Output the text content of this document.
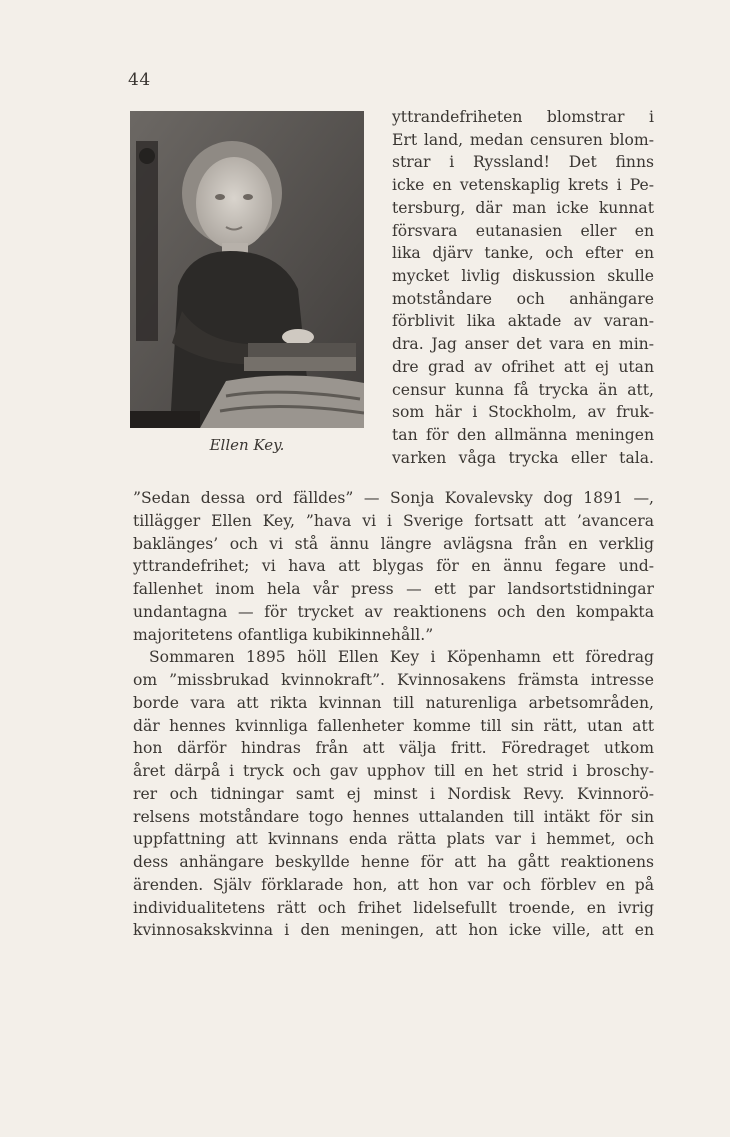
44
Ellen Key.
yttrandefriheten blomstrar i
Ert land, medan censuren blom-
strar i Ryssland! Det finns
icke en vetenskaplig krets i Pe-
tersburg, där man icke kunnat
försvara eutanasien eller en
lika djärv tanke, och efter en
mycket livlig diskussion skulle
motståndare och anhängare
förblivit lika aktade av varan-
dra. Jag anser det vara en min-
dre grad av ofrihet att ej utan
censur kunna få trycka än att,
som här i Stockholm, av fruk-
tan för den allmänna meningen
varken våga trycka eller tala.
”Sedan dessa ord fälldes” — Sonja Kovalevsky dog 1891 —,
tillägger Ellen Key, ”hava vi i Sverige fortsatt att ’avancera
baklänges’ och vi stå ännu längre avlägsna från en verklig
yttrandefrihet; vi hava att blygas för en ännu fegare und-
fallenhet inom hela vår press — ett par landsortstidningar
undantagna — för trycket av reaktionens och den kompakta
majoritetens ofantliga kubikinnehåll.”
Sommaren 1895 höll Ellen Key i Köpenhamn ett föredrag
om ”missbrukad kvinnokraft”. Kvinnosakens främsta intresse
borde vara att rikta kvinnan till naturenliga arbetsområden,
där hennes kvinnliga fallenheter komme till sin rätt, utan att
hon därför hindras från att välja fritt. Föredraget utkom
året därpå i tryck och gav upphov till en het strid i broschy-
rer och tidningar samt ej minst i Nordisk Revy. Kvinnorö-
relsens motståndare togo hennes uttalanden till intäkt för sin
uppfattning att kvinnans enda rätta plats var i hemmet, och
dess anhängare beskyllde henne för att ha gått reaktionens
ärenden. Själv förklarade hon, att hon var och förblev en på
individualitetens rätt och frihet lidelsefullt troende, en ivrig
kvinnosakskvinna i den meningen, att hon icke ville, att en
